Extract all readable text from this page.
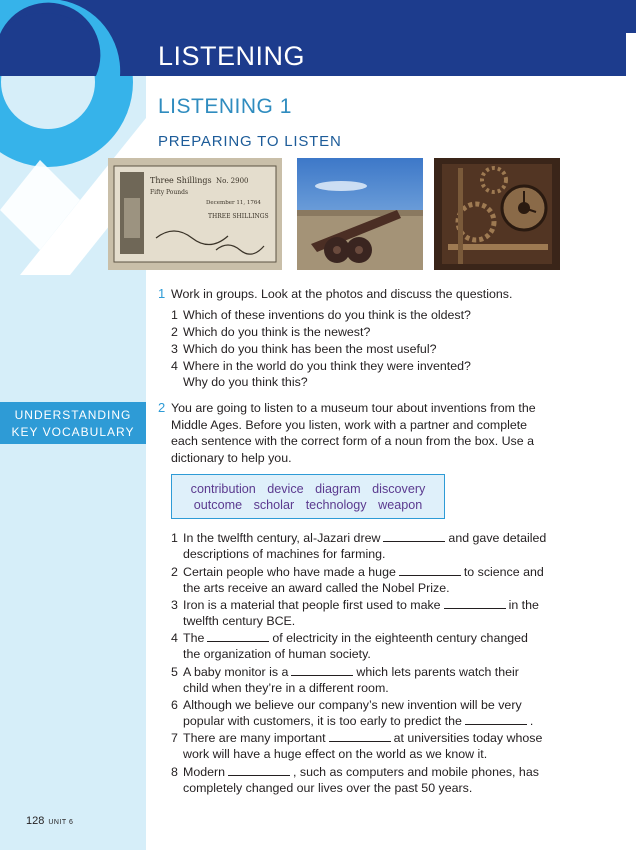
LISTENING
LISTENING 1
PREPARING TO LISTEN
Three Shillings No. 2900
Fifty Pounds
December 11, 1764
THREE SHILLINGS
UNDERSTANDING
KEY VOCABULARY
1 Work in groups. Look at the photos and discuss the questions.
1 Which of these inventions do you think is the oldest?
2 Which do you think is the newest?
3 Which do you think has been the most useful?
4 Where in the world do you think they were invented?
Why do you think this?
2 You are going to listen to a museum tour about inventions from the
Middle Ages. Before you listen, work with a partner and complete
each sentence with the correct form of a noun from the box. Use a
dictionary to help you.
contribution device diagram discovery
outcome scholar technology weapon
1 In the twelfth century, al-Jazari drew	and gave detailed
descriptions of machines for farming.
2 Certain people who have made a huge	to science and
the arts receive an award called the Nobel Prize.
3 Iron is a material that people first used to make	in the
twelfth century BCE.
4 The	of electricity in the eighteenth century changed
the organization of human society.
5 A baby monitor is a	which lets parents watch their
child when they’re in a different room.
6 Although we believe our company’s new invention will be very
popular with customers, it is too early to predict the	.
7 There are many important	at universities today whose
work will have a huge effect on the world as we know it.
8 Modern	, such as computers and mobile phones, has
completely changed our lives over the past 50 years.
128 UNIT 6
